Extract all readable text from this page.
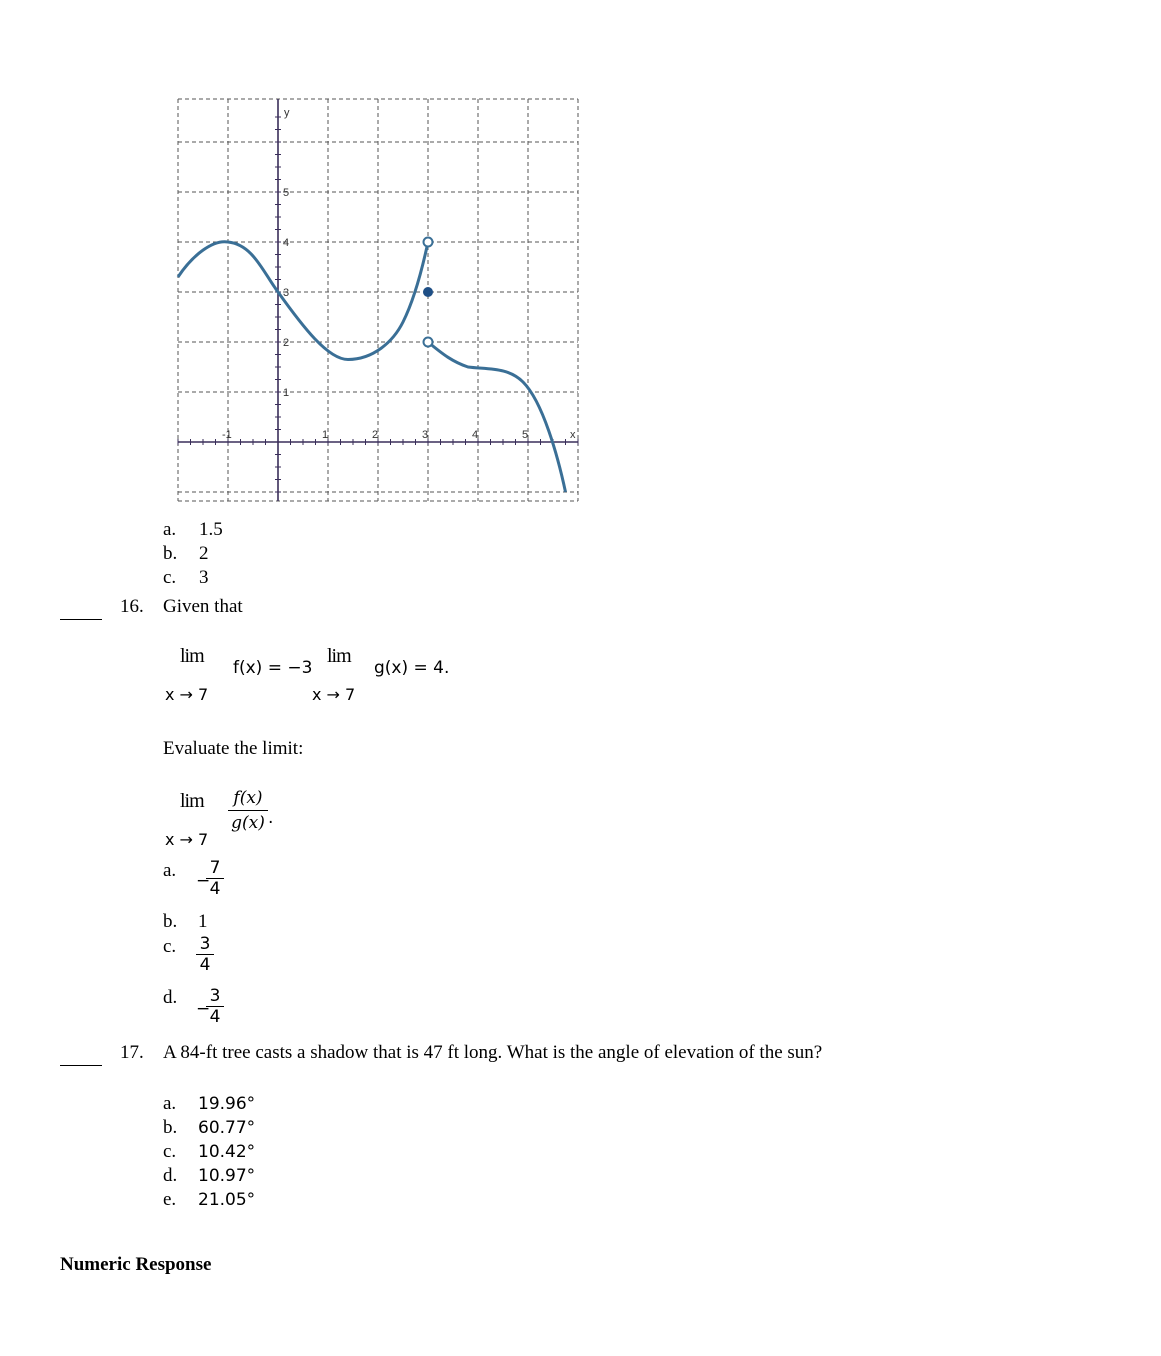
-1	1	2	3	4	5
1
2
3
4
5
x
y
a. 1.5
b. 2
c. 3
16. Given that
lim
x → 7
f(x) = −3
lim
x → 7
g(x) = 4.
Evaluate the limit:
lim
x → 7
f(x)
g(x) .
a. −
7
4
b. 1
c. 3
4
d.
−
3
4
17. A 84-ft tree casts a shadow that is 47 ft long. What is the angle of elevation of the sun?
a. 19.96°
b. 60.77°
c. 10.42°
d. 10.97°
e. 21.05°
Numeric Response
